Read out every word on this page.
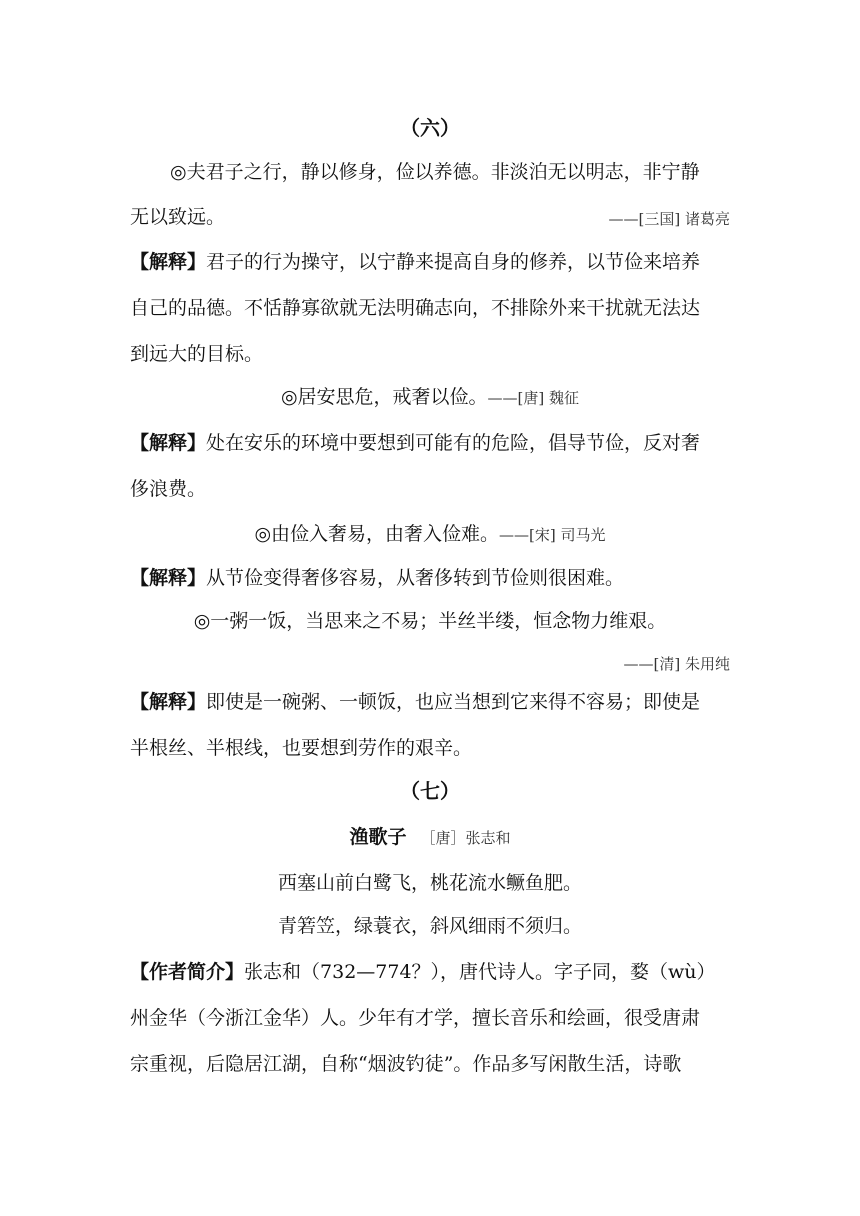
（六）
◎夫君子之行，静以修身，俭以养德。非淡泊无以明志，非宁静
无以致远。	——[三国] 诸葛亮
【解释】君子的行为操守，以宁静来提高自身的修养，以节俭来培养
自己的品德。不恬静寡欲就无法明确志向，不排除外来干扰就无法达
到远大的目标。
◎居安思危，戒奢以俭。——[唐] 魏征
【解释】处在安乐的环境中要想到可能有的危险，倡导节俭，反对奢
侈浪费。
◎由俭入奢易，由奢入俭难。——[宋] 司马光
【解释】从节俭变得奢侈容易，从奢侈转到节俭则很困难。
◎一粥一饭，当思来之不易；半丝半缕，恒念物力维艰。
——[清] 朱用纯
【解释】即使是一碗粥、一顿饭，也应当想到它来得不容易；即使是
半根丝、半根线，也要想到劳作的艰辛。
（七）
渔歌子 ［唐］张志和
西塞山前白鹭飞，桃花流水鳜鱼肥。
青箬笠，绿蓑衣，斜风细雨不须归。
【作者简介】张志和（732—774？），唐代诗人。字子同，婺（wù）
州金华（今浙江金华）人。少年有才学，擅长音乐和绘画，很受唐肃
宗重视，后隐居江湖，自称“烟波钓徒”。作品多写闲散生活，诗歌
